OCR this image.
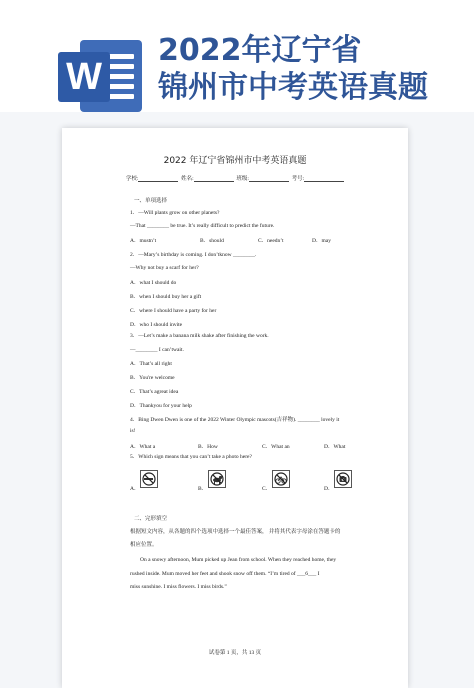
W
2022年辽宁省
锦州市中考英语真题
2022 年辽宁省锦州市中考英语真题
学校:	姓名:	班级:	考号:
一、单项选择
1．—Will plants grow on other planets?
—That ________ be true. It’s really difficult to predict the future.
A．mustn’t	B．should	C．needn’t	D．may
2．—Mary’s birthday is coming. I don’tknow ________.
—Why not buy a scarf for her?
A．what I should do
B．when I should buy her a gift
C．where I should have a party for her
D．who I should invite
3．—Let’s make a banana milk shake after finishing the work.
—________ I can’twait.
A．That’s all right
B．You're welcome
C．That’s agreat idea
D．Thankyou for your help
4．Bing Dwen Dwen is one of the 2022 Winter Olympic mascots(吉祥物). ________ lovely it
is!
A．What a	B．How	C．What an	D．What
5．Which sign means that you can’t take a photo here?
A．	B．	C．	D．
二、完形填空
根据短文内容，从各题的四个选项中选择一个最佳答案， 并将其代表字母涂在答题卡的
相应位置。
On a snowy afternoon, Mum picked up Jean from school. When they reached home, they
rushed inside. Mum moved her feet and shook snow off them. “I’m tired of ___6___ I
miss sunshine. I miss flowers. I miss birds.”
试卷第 1 页，共 13 页
